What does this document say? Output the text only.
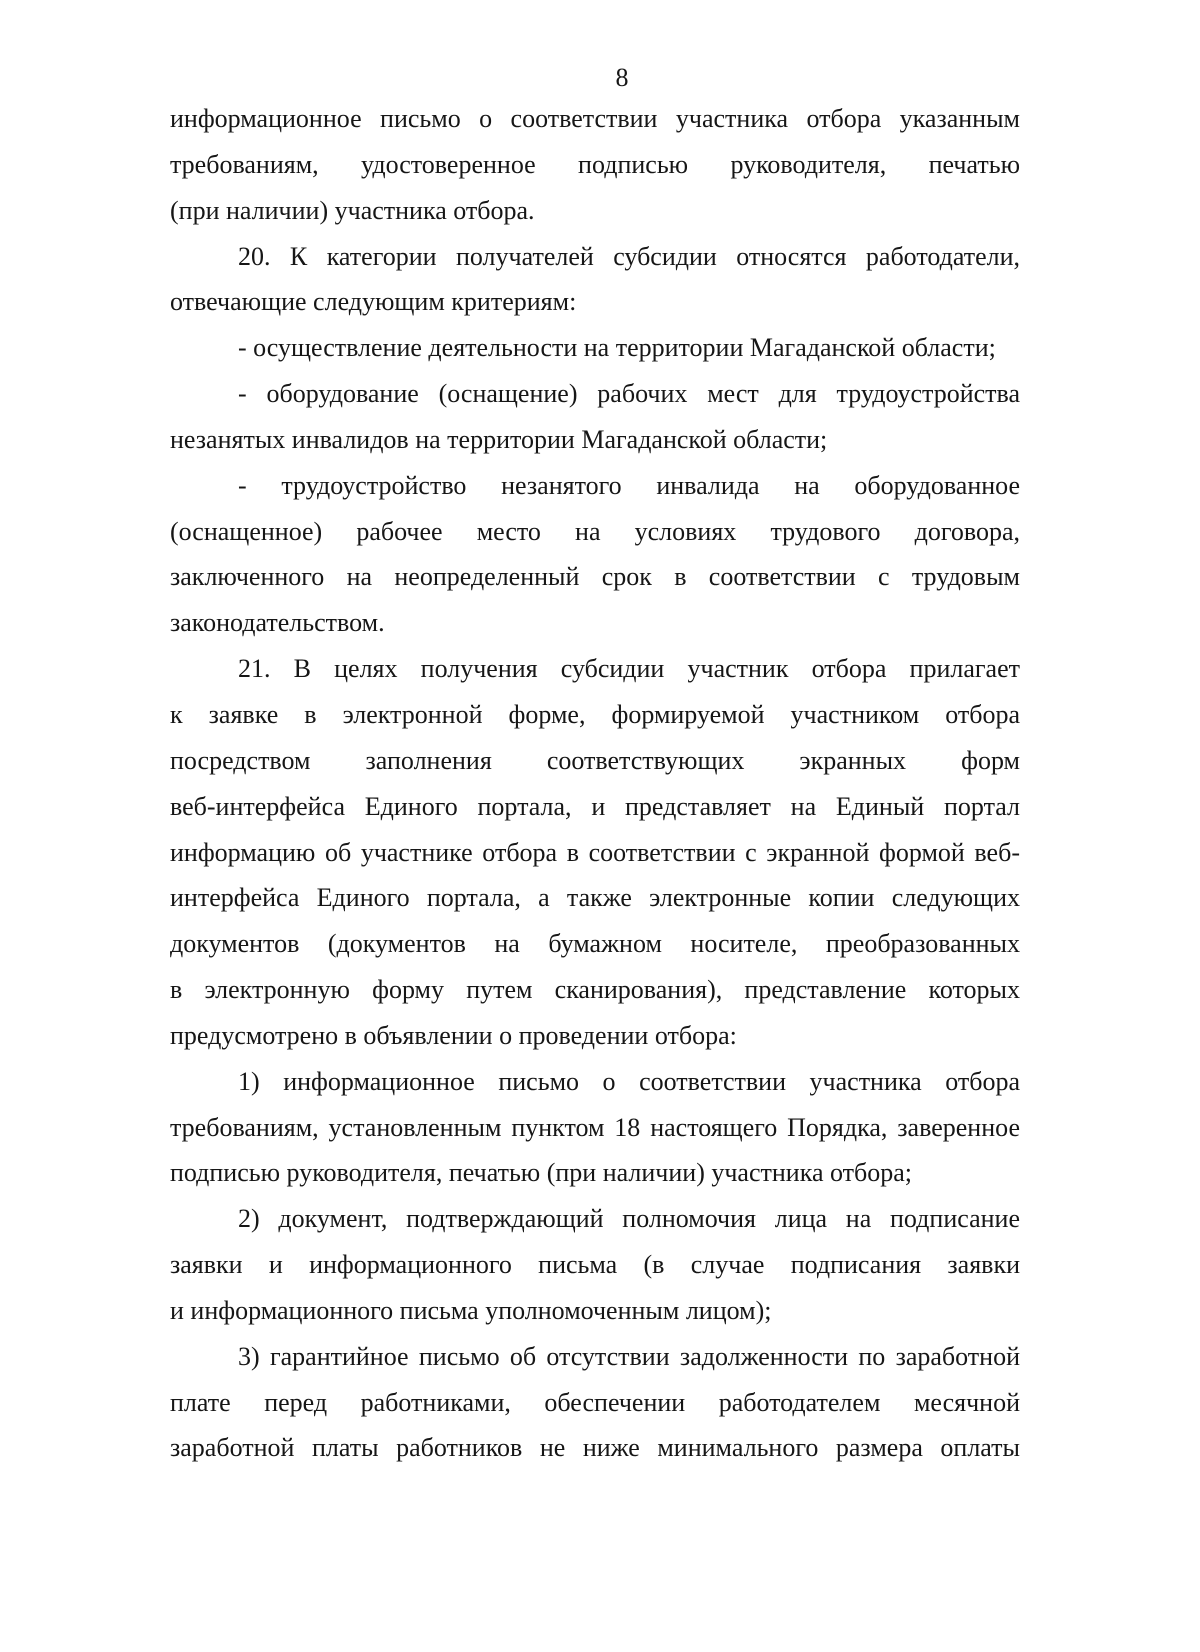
8
информационное письмо о соответствии участника отбора указанным
требованиям, удостоверенное подписью руководителя, печатью
(при наличии) участника отбора.
20. К категории получателей субсидии относятся работодатели,
отвечающие следующим критериям:
- осуществление деятельности на территории Магаданской области;
- оборудование (оснащение) рабочих мест для трудоустройства
незанятых инвалидов на территории Магаданской области;
- трудоустройство незанятого инвалида на оборудованное
(оснащенное) рабочее место на условиях трудового договора,
заключенного на неопределенный срок в соответствии с трудовым
законодательством.
21. В целях получения субсидии участник отбора прилагает
к заявке в электронной форме, формируемой участником отбора
посредством заполнения соответствующих экранных форм
веб-интерфейса Единого портала, и представляет на Единый портал
информацию об участнике отбора в соответствии с экранной формой веб-
интерфейса Единого портала, а также электронные копии следующих
документов (документов на бумажном носителе, преобразованных
в электронную форму путем сканирования), представление которых
предусмотрено в объявлении о проведении отбора:
1) информационное письмо о соответствии участника отбора
требованиям, установленным пунктом 18 настоящего Порядка, заверенное
подписью руководителя, печатью (при наличии) участника отбора;
2) документ, подтверждающий полномочия лица на подписание
заявки и информационного письма (в случае подписания заявки
и информационного письма уполномоченным лицом);
3) гарантийное письмо об отсутствии задолженности по заработной
плате перед работниками, обеспечении работодателем месячной
заработной платы работников не ниже минимального размера оплаты
